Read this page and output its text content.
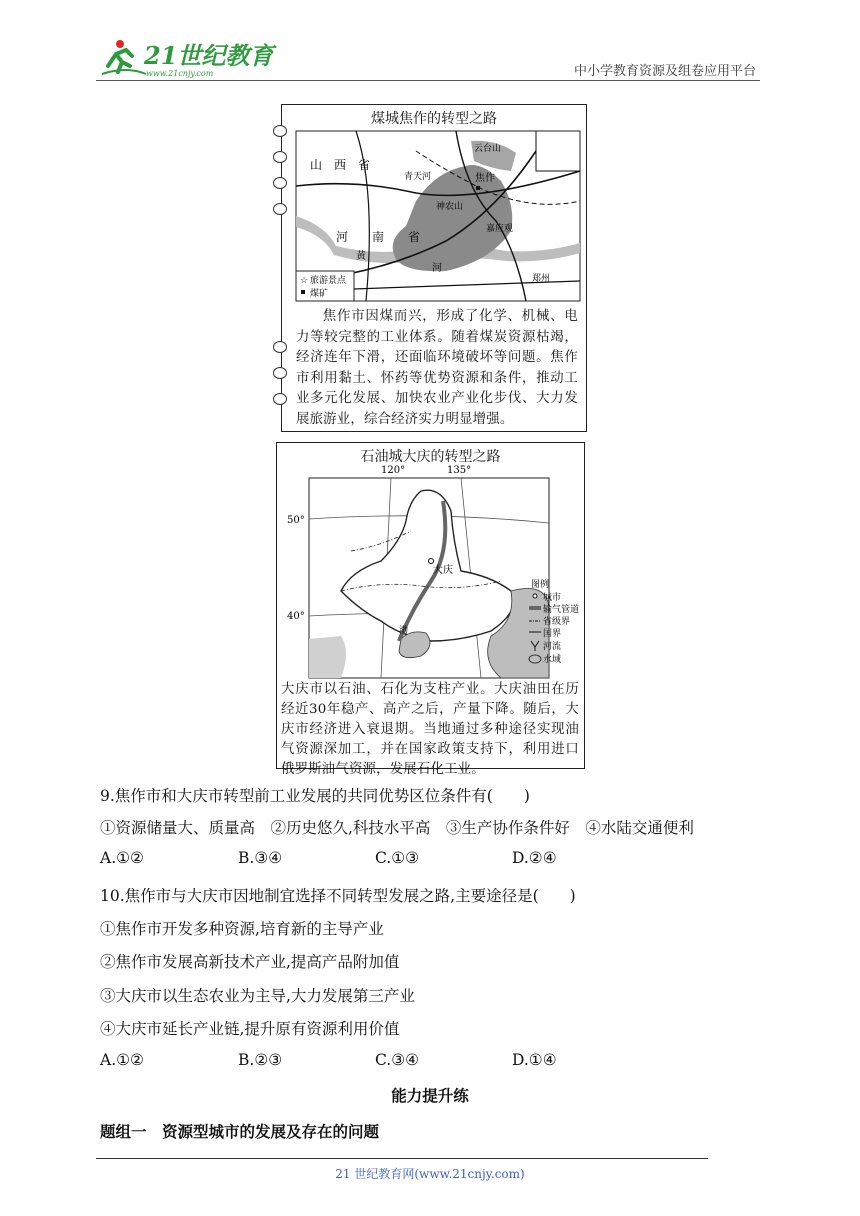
21世纪教育
www.21cnjy.com	中小学教育资源及组卷应用平台
煤城焦作的转型之路
山　西　省
河　　南　　省
焦作
云台山
神农山
青天河
嘉应观
黄
河
郑州
☆ 旅游景点
煤矿
焦作市因煤而兴，形成了化学、机械、电力等较完整的工业体系。随着煤炭资源枯竭，经济连年下滑，还面临环境破坏等问题。焦作市利用黏土、怀药等优势资源和条件，推动工业多元化发展、加快农业产业化步伐、大力发展旅游业，综合经济实力明显增强。
石油城大庆的转型之路
120°	135°
50°
40°
大庆
渤
图例
城市
输气管道
省级界
国界
河流
水域
大庆市以石油、石化为支柱产业。大庆油田在历经近30年稳产、高产之后，产量下降。随后，大庆市经济进入衰退期。当地通过多种途径实现油气资源深加工，并在国家政策支持下，利用进口俄罗斯油气资源，发展石化工业。
9.焦作市和大庆市转型前工业发展的共同优势区位条件有(　　)
①资源储量大、质量高　②历史悠久,科技水平高　③生产协作条件好　④水陆交通便利
A.①②	B.③④	C.①③	D.②④
10.焦作市与大庆市因地制宜选择不同转型发展之路,主要途径是(　　)
①焦作市开发多种资源,培育新的主导产业
②焦作市发展高新技术产业,提高产品附加值
③大庆市以生态农业为主导,大力发展第三产业
④大庆市延长产业链,提升原有资源利用价值
A.①②	B.②③	C.③④	D.①④
能力提升练
题组一　资源型城市的发展及存在的问题
21 世纪教育网(www.21cnjy.com)
